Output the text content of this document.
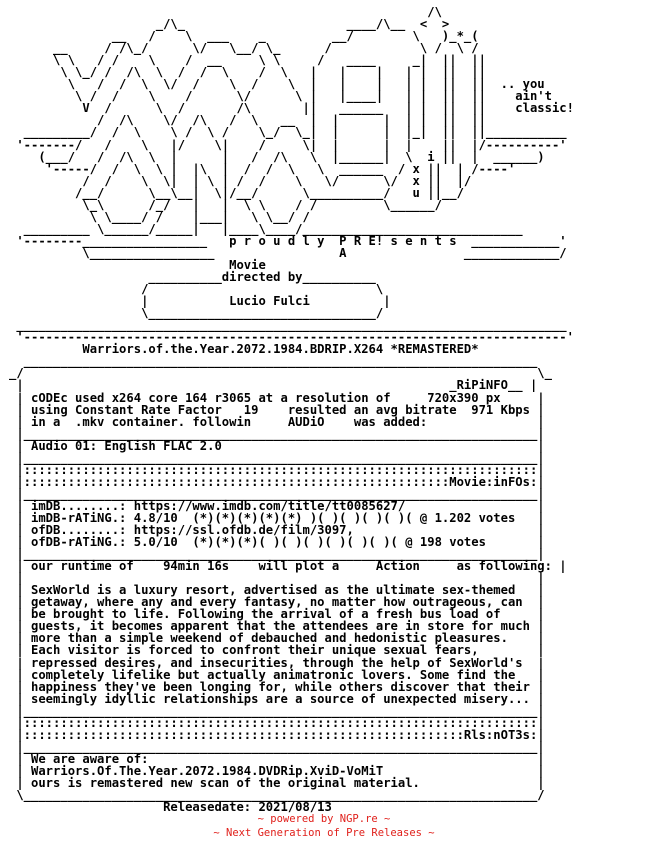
/\
_/\_                      ____/\__  <  >
__   /    \  ___    _         __/        \   )_*_(
__     / /\_/      \/   \__/ \_      /            \ /  \ /
\ \   / /    \    /  __     \ \     /   ____     _|  ||  ||
\ \_/ /  /\  \  /  /  \    /  \   |   |    |   | |  ||  ||
\   /  /  \  \/  /    \  /    \  |   |    |   | |  ||  ||  .. you
\ /  /    \    /      \/      \ |   |____|   | |  ||  ||    ain't
V  /      \  /       /\       ||   ______   | |  ||  ||    classic!
/  /\    \/  /\   /  \   __  |  |      |  | |  ||  ||
_________/  /  \    \ /  \ /    \_/  \_|  |      |  |_|  ||  ||___________
'-------/   /    \   |/    \|    /     \|  |      |  |    ||  |/----------'
(___/   /  /\  \  |      |   /  /\   \  |______|  \  i ||  |  ______)
'-----/  /  \  \ |  |\  |  /  /  \   \  ______  / x ||  | /----'
/  /    \  \|  | \ | /  /    \   \/      \/  x ||  |/
/__/      \__\__|  \|/__/      \__________/   u ||__/
\_\      /_/   |   |  \ \    / /         \______/
\ \____/ /    |___|   \ \__/ /
_________ \______/_____|   |____\____/______________________________
'--------_________________   p r o u d l y  P R E! s e n t s  ____________'
\_________________                 A                _____________/
Movie
__________directed by__________
/                               \
|           Lucio Fulci          |
\_______________________________/
___________________________________________________________________________
'--------------------------------------------------------------------------'
Warriors.of.the.Year.2072.1984.BDRIP.X264 *REMASTERED*
______________________________________________________________________
_/                                                                      \_
|                                                          _RiPiNFO__ |
| cODEc used x264 core 164 r3065 at a resolution of     720x390 px     |
| using Constant Rate Factor   19    resulted an avg bitrate  971 Kbps |
| in a  .mkv container. followin     AUDiO    was added:               |
|______________________________________________________________________|
| Audio 01: English FLAC 2.0                                           |
|______________________________________________________________________|
|::::::::::::::::::::::::::::::::::::::::::::::::::::::::::::::::::::::|
|::::::::::::::::::::::::::::::::::::::::::::::::::::::::::Movie:inFOs:|
|______________________________________________________________________|
| imDB........: https://www.imdb.com/title/tt0085627/                  |
| imDB-rATiNG.: 4.8/10  (*)(*)(*)(*)(*) )( )( )( )( )( @ 1.202 votes   |
| ofDB........: https://ssl.ofdb.de/film/3097,                         |
| ofDB-rATiNG.: 5.0/10  (*)(*)(*)( )( )( )( )( )( )( @ 198 votes       |
|______________________________________________________________________|
| our runtime of    94min 16s    will plot a     Action     as following: |
|                                                                      |
| SexWorld is a luxury resort, advertised as the ultimate sex-themed   |
| getaway, where any and every fantasy, no matter how outrageous, can  |
| be brought to life. Following the arrival of a fresh bus load of     |
| guests, it becomes apparent that the attendees are in store for much |
| more than a simple weekend of debauched and hedonistic pleasures.    |
| Each visitor is forced to confront their unique sexual fears,        |
| repressed desires, and insecurities, through the help of SexWorld's  |
| completely lifelike but actually animatronic lovers. Some find the   |
| happiness they've been longing for, while others discover that their |
| seemingly idyllic relationships are a source of unexpected misery... |
|______________________________________________________________________|
|::::::::::::::::::::::::::::::::::::::::::::::::::::::::::::::::::::::|
|::::::::::::::::::::::::::::::::::::::::::::::::::::::::::::Rls:nOT3s:|
|______________________________________________________________________|
| We are aware of:                                                     |
| Warriors.Of.The.Year.2072.1984.DVDRip.XviD-VoMiT                     |
| ours is remastered new scan of the original material.                |
\______________________________________________________________________/
Releasedate: 2021/08/13
~ powered by NGP.re ~
~ Next Generation of Pre Releases ~
